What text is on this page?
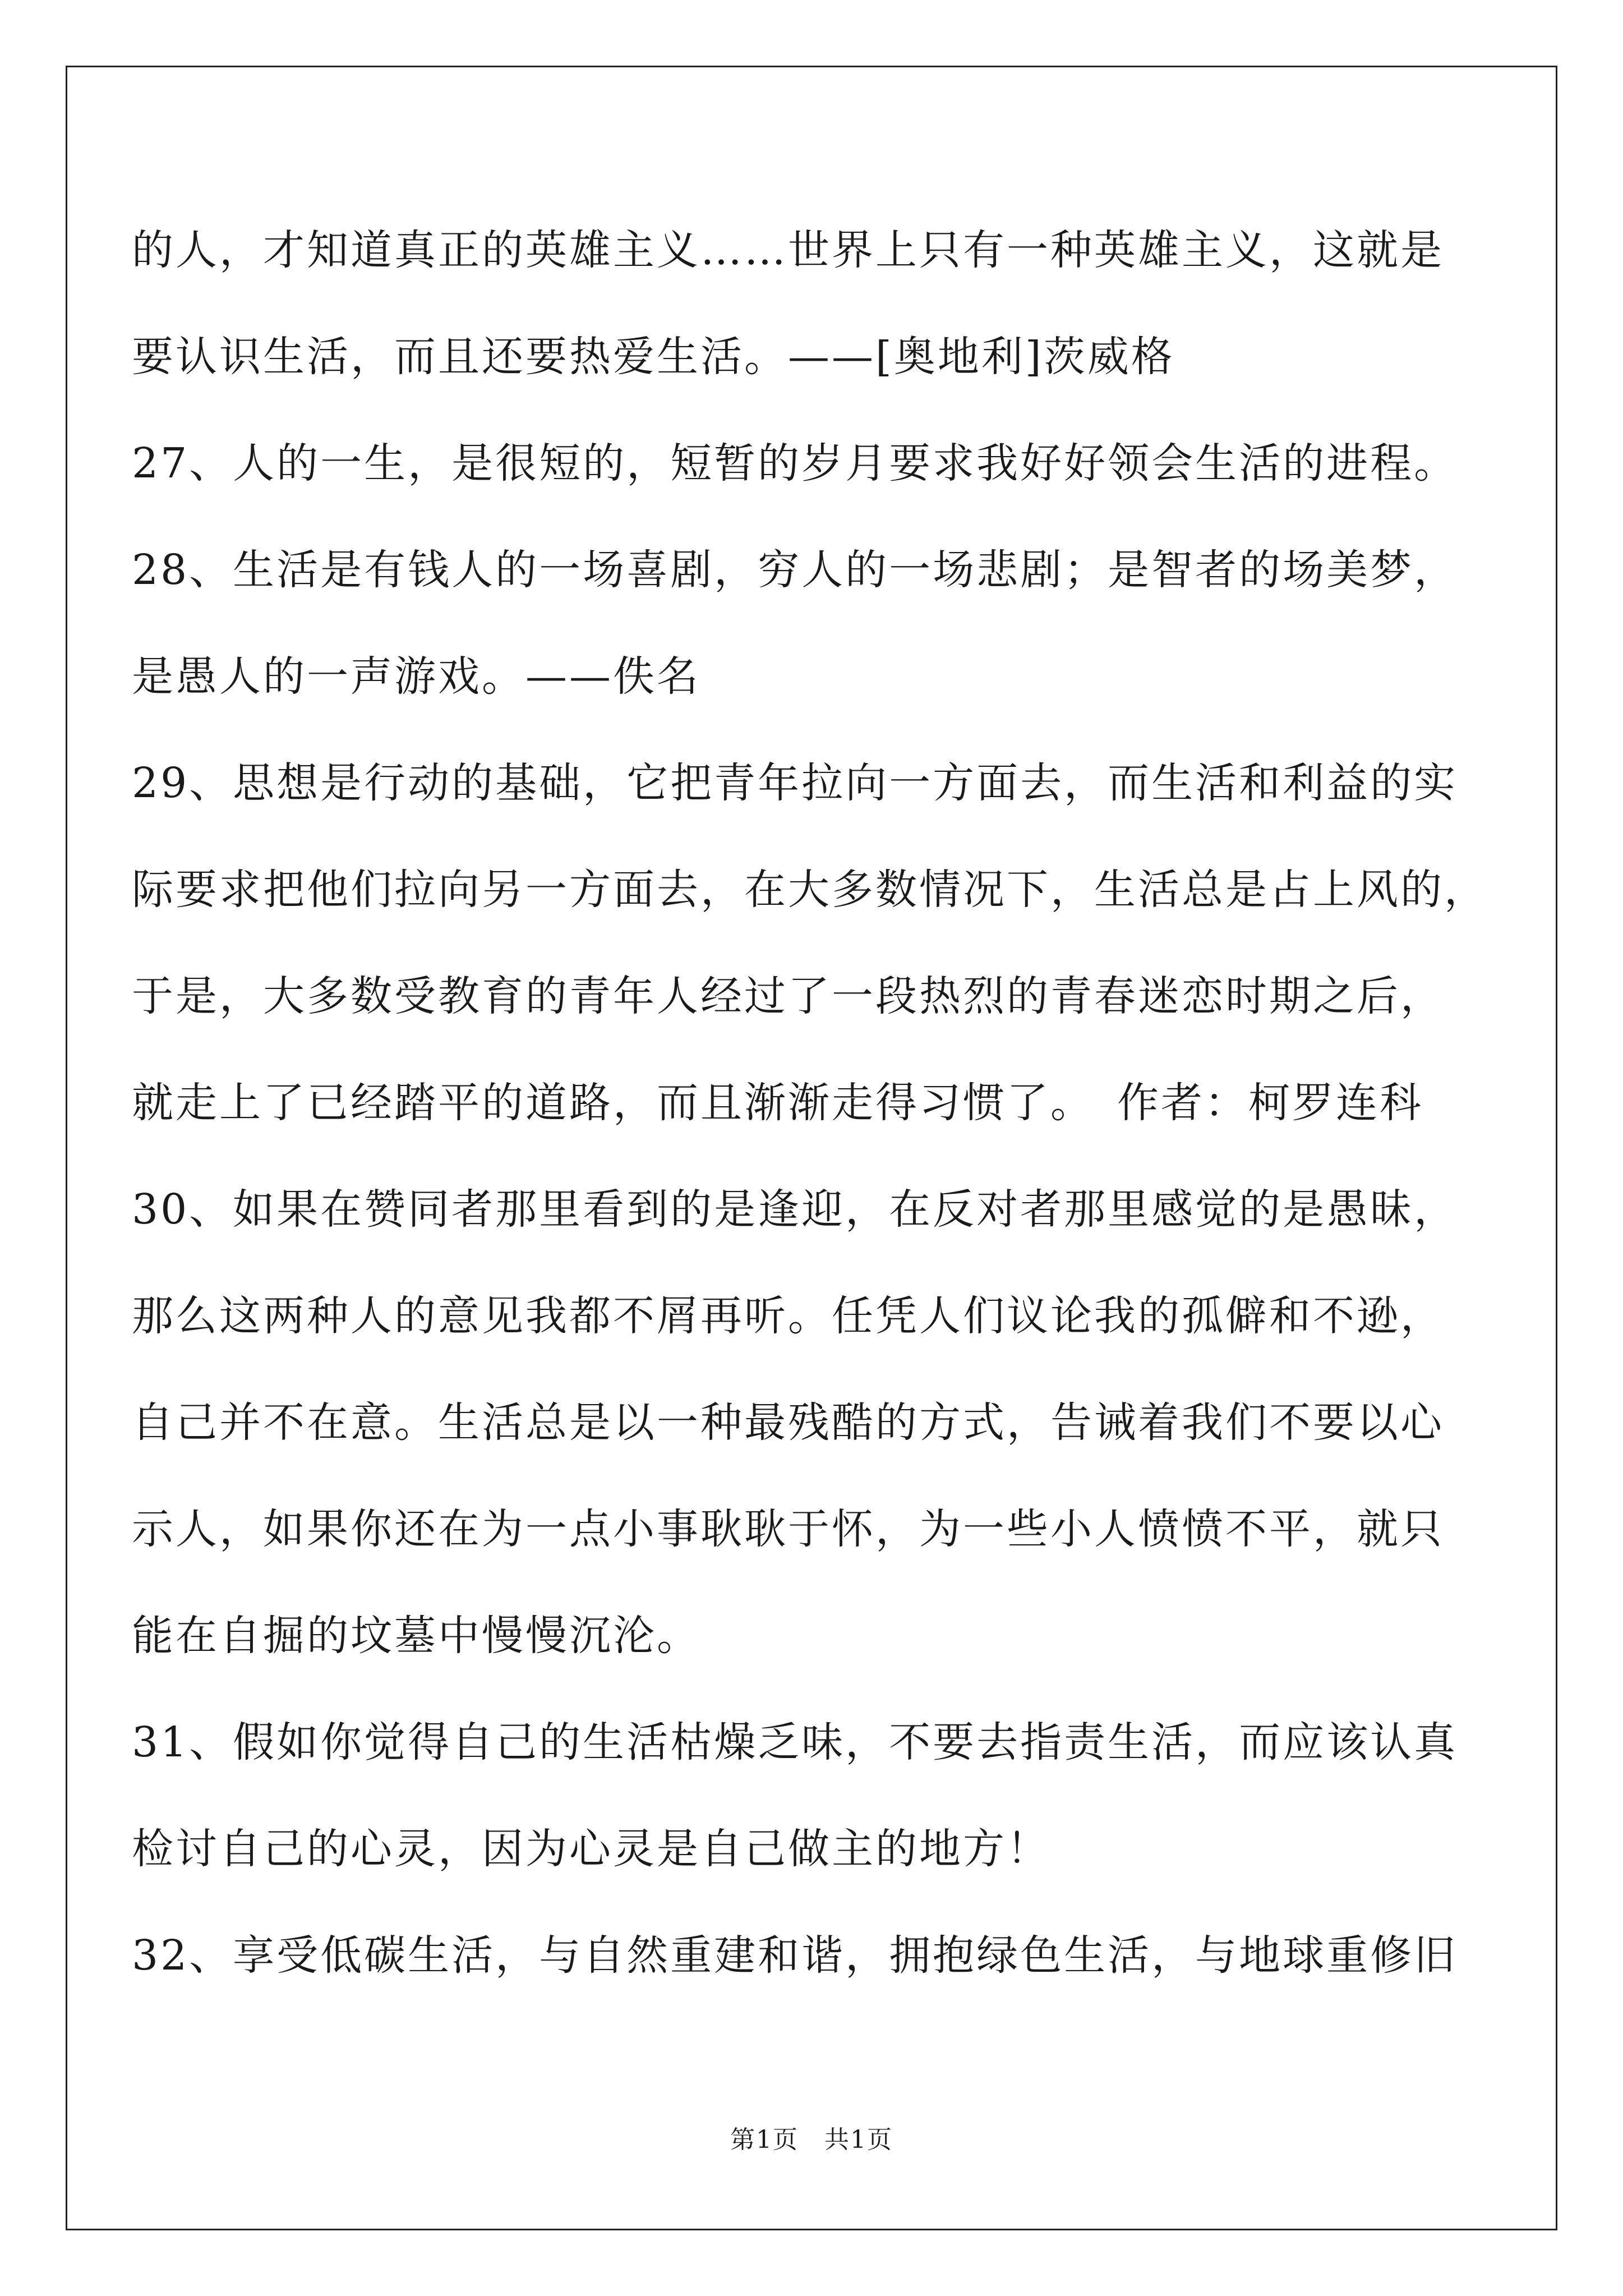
的人，才知道真正的英雄主义……世界上只有一种英雄主义，这就是
要认识生活，而且还要热爱生活。——[奥地利]茨威格
27、人的一生，是很短的，短暂的岁月要求我好好领会生活的进程。
28、生活是有钱人的一场喜剧，穷人的一场悲剧；是智者的场美梦，
是愚人的一声游戏。——佚名
29、思想是行动的基础，它把青年拉向一方面去，而生活和利益的实
际要求把他们拉向另一方面去，在大多数情况下，生活总是占上风的，
于是，大多数受教育的青年人经过了一段热烈的青春迷恋时期之后，
就走上了已经踏平的道路，而且渐渐走得习惯了。　作者：柯罗连科
30、如果在赞同者那里看到的是逢迎，在反对者那里感觉的是愚昧，
那么这两种人的意见我都不屑再听。任凭人们议论我的孤僻和不逊，
自己并不在意。生活总是以一种最残酷的方式，告诫着我们不要以心
示人，如果你还在为一点小事耿耿于怀，为一些小人愤愤不平，就只
能在自掘的坟墓中慢慢沉沦。
31、假如你觉得自己的生活枯燥乏味，不要去指责生活，而应该认真
检讨自己的心灵，因为心灵是自己做主的地方！
32、享受低碳生活，与自然重建和谐，拥抱绿色生活，与地球重修旧
第1页　共1页
